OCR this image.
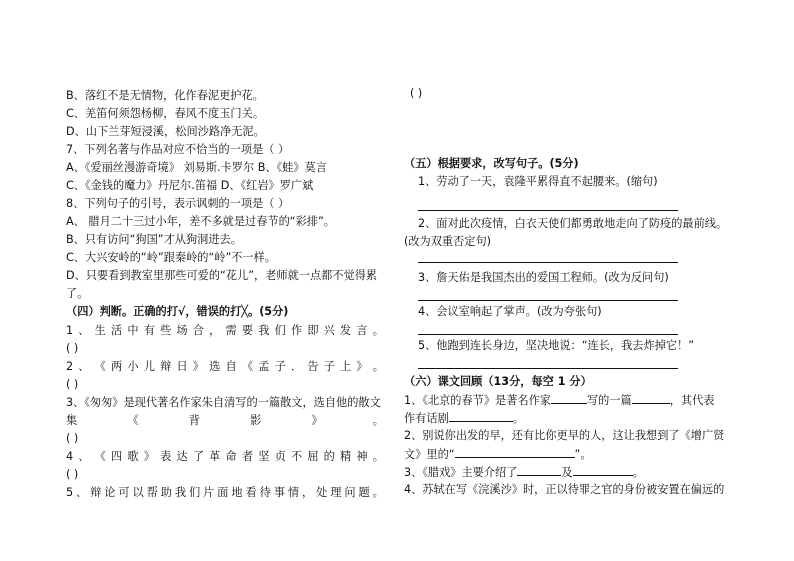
B、落红不是无情物，化作春泥更护花。
C、羌笛何须怨杨柳，春风不度玉门关。
D、山下兰芽短浸溪，松间沙路净无泥。
7、下列名著与作品对应不恰当的一项是（ ）
A、《爱丽丝漫游奇境》 刘易斯.卡罗尔 B、《蛙》莫言
C、《金钱的魔力》丹尼尔.笛福 D、《红岩》罗广斌
8、下列句子的引号，表示讽刺的一项是（ ）
A、 腊月二十三过小年，差不多就是过春节的“彩排”。
B、只有访问“狗国”才从狗洞进去。
C、大兴安岭的“岭”跟秦岭的“岭”不一样。
D、只要看到教室里那些可爱的“花儿”，老师就一点都不觉得累
了。
（四）判断。正确的打√，错误的打╳。(5分)
1 、 生 活 中 有 些 场 合 ， 需 要 我 们 作 即 兴 发 言 。
( )
2 、 《 两 小 儿 辩 日 》 选 自 《 孟 子 ． 告 子 上 》 。
( )
3、《匆匆》是现代著名作家朱自清写的一篇散文，选自他的散文
集	《	背	影	》	。
( )
4 、 《 四 歌 》 表 达 了 革 命 者 坚 贞 不 屈 的 精 神 。
( )
5 、 辩 论 可 以 帮 助 我 们 片 面 地 看 待 事 情 ， 处 理 问 题 。
( )
（五）根据要求，改写句子。(5分)
1、劳动了一天，袁隆平累得直不起腰来。(缩句)
2、面对此次疫情，白衣天使们都勇敢地走向了防疫的最前线。
(改为双重否定句)
3、詹天佑是我国杰出的爱国工程师。(改为反问句)
4、会议室响起了掌声。(改为夸张句)
5、他跑到连长身边，坚决地说：“连长，我去炸掉它！”
（六）课文回顾（13分，每空 1 分）
1、《北京的春节》是著名作家	写的一篇	，其代表
作有话剧	。
2、别说你出发的早，还有比你更早的人，这让我想到了《增广贤
文》里的“	”。
3、《腊戏》主要介绍了	及	。
4、苏轼在写《浣溪沙》时，正以待罪之官的身份被安置在偏远的
